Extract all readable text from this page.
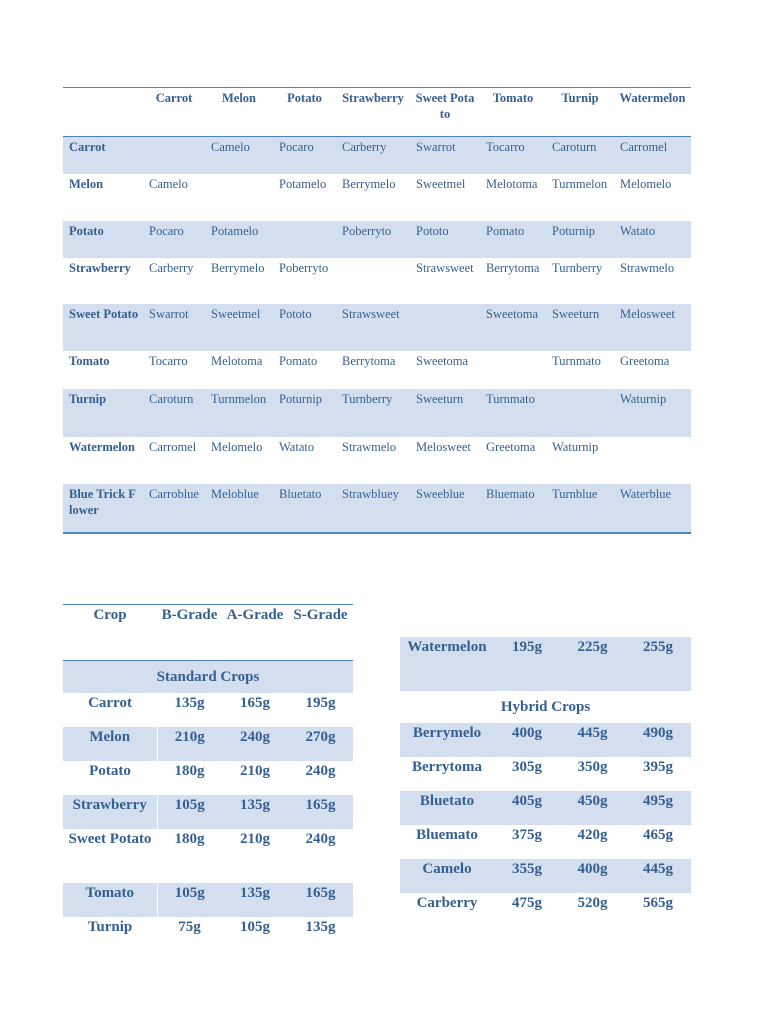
	Carrot	Melon	Potato	Strawberry	Sweet Potato	Tomato	Turnip	Watermelon
Carrot		Camelo	Pocaro	Carberry	Swarrot	Tocarro	Caroturn	Carromel
Melon	Camelo		Potamelo	Berrymelo	Sweetmel	Melotoma	Turnmelon	Melomelo
Potato	Pocaro	Potamelo		Poberryto	Pototo	Pomato	Poturnip	Watato
Strawberry	Carberry	Berrymelo	Poberryto		Strawsweet	Berrytoma	Turnberry	Strawmelo
Sweet Potato	Swarrot	Sweetmel	Pototo	Strawsweet		Sweetoma	Sweeturn	Melosweet
Tomato	Tocarro	Melotoma	Pomato	Berrytoma	Sweetoma		Turnmato	Greetoma
Turnip	Caroturn	Turnmelon	Poturnip	Turnberry	Sweeturn	Turnmato		Waturnip
Watermelon	Carromel	Melomelo	Watato	Strawmelo	Melosweet	Greetoma	Waturnip	
Blue Trick Flower	Carroblue	Meloblue	Bluetato	Strawbluey	Sweeblue	Bluemato	Turnblue	Waterblue
Crop	B-Grade	A-Grade	S-Grade
Standard Crops			
Carrot	135g	165g	195g
Melon	210g	240g	270g
Potato	180g	210g	240g
Strawberry	105g	135g	165g
Sweet Potato	180g	210g	240g
Tomato	105g	135g	165g
Turnip	75g	105g	135g
Watermelon	195g	225g	255g
Hybrid Crops			
Berrymelo	400g	445g	490g
Berrytoma	305g	350g	395g
Bluetato	405g	450g	495g
Bluemato	375g	420g	465g
Camelo	355g	400g	445g
Carberry	475g	520g	565g
